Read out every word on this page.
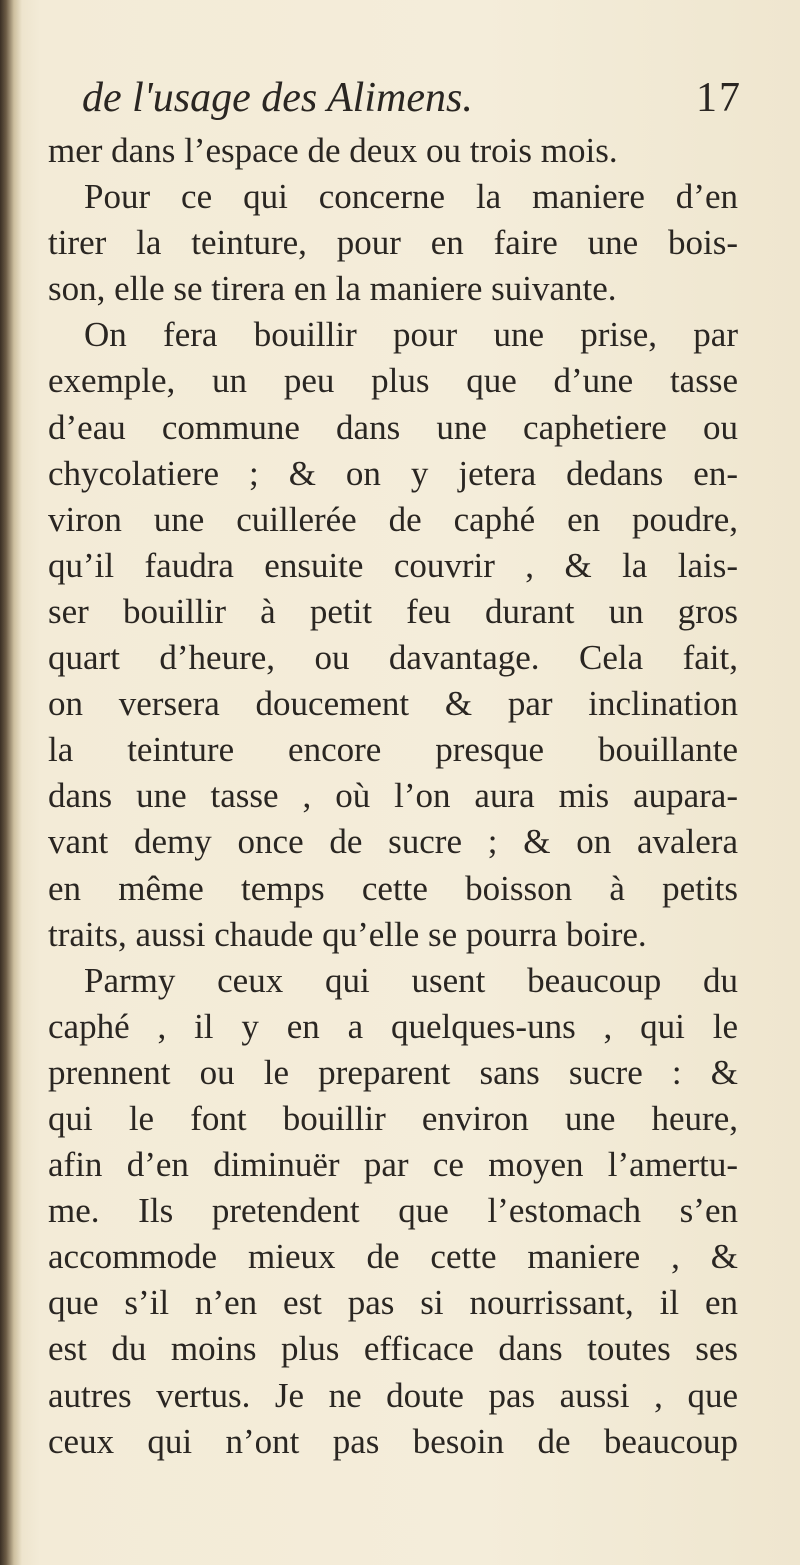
de l'usage des Alimens.	17
mer dans l’espace de deux ou trois mois.
Pour ce qui concerne la maniere d’en
tirer la teinture, pour en faire une bois-
son, elle se tirera en la maniere suivante.
On fera bouillir pour une prise, par
exemple, un peu plus que d’une tasse
d’eau commune dans une caphetiere ou
chycolatiere ; & on y jetera dedans en-
viron une cuillerée de caphé en poudre,
qu’il faudra ensuite couvrir , & la lais-
ser bouillir à petit feu durant un gros
quart d’heure, ou davantage. Cela fait,
on versera doucement & par inclination
la teinture encore presque bouillante
dans une tasse , où l’on aura mis aupara-
vant demy once de sucre ; & on avalera
en même temps cette boisson à petits
traits, aussi chaude qu’elle se pourra boire.
Parmy ceux qui usent beaucoup du
caphé , il y en a quelques-uns , qui le
prennent ou le preparent sans sucre : &
qui le font bouillir environ une heure,
afin d’en diminuër par ce moyen l’amertu-
me. Ils pretendent que l’estomach s’en
accommode mieux de cette maniere , &
que s’il n’en est pas si nourrissant, il en
est du moins plus efficace dans toutes ses
autres vertus. Je ne doute pas aussi , que
ceux qui n’ont pas besoin de beaucoup
